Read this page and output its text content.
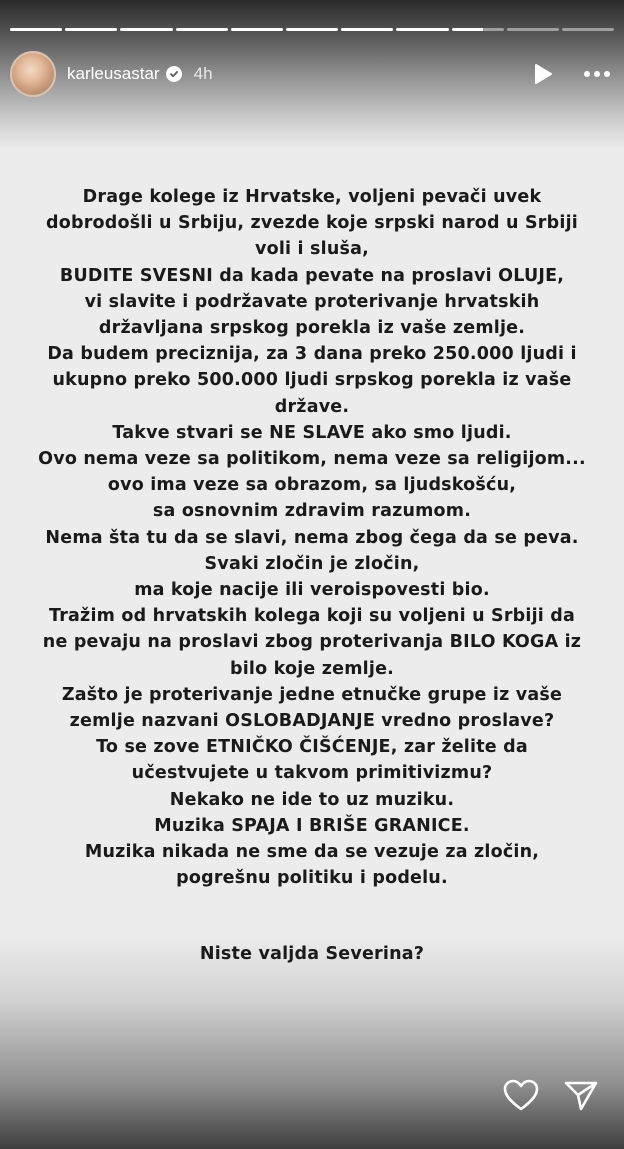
karleusastar 4h
Drage kolege iz Hrvatske, voljeni pevači uvek
dobrodošli u Srbiju, zvezde koje srpski narod u Srbiji
voli i sluša,
BUDITE SVESNI da kada pevate na proslavi OLUJE,
vi slavite i podržavate proterivanje hrvatskih
državljana srpskog porekla iz vaše zemlje.
Da budem preciznija, za 3 dana preko 250.000 ljudi i
ukupno preko 500.000 ljudi srpskog porekla iz vaše
države.
Takve stvari se NE SLAVE ako smo ljudi.
Ovo nema veze sa politikom, nema veze sa religijom...
ovo ima veze sa obrazom, sa ljudskošću,
sa osnovnim zdravim razumom.
Nema šta tu da se slavi, nema zbog čega da se peva.
Svaki zločin je zločin,
ma koje nacije ili veroispovesti bio.
Tražim od hrvatskih kolega koji su voljeni u Srbiji da
ne pevaju na proslavi zbog proterivanja BILO KOGA iz
bilo koje zemlje.
Zašto je proterivanje jedne etnučke grupe iz vaše
zemlje nazvani OSLOBADJANJE vredno proslave?
To se zove ETNIČKO ČIŠĆENJE, zar želite da
učestvujete u takvom primitivizmu?
Nekako ne ide to uz muziku.
Muzika SPAJA I BRIŠE GRANICE.
Muzika nikada ne sme da se vezuje za zločin,
pogrešnu politiku i podelu.
Niste valjda Severina?
